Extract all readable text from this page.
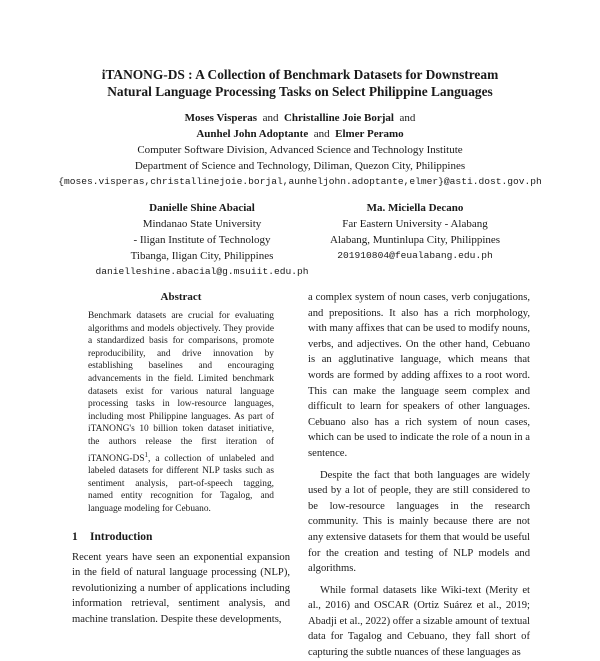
iTANONG-DS : A Collection of Benchmark Datasets for Downstream
Natural Language Processing Tasks on Select Philippine Languages
Moses Visperas and Christalline Joie Borjal and
Aunhel John Adoptante and Elmer Peramo
Computer Software Division, Advanced Science and Technology Institute
Department of Science and Technology, Diliman, Quezon City, Philippines
{moses.visperas,christallinejoie.borjal,aunheljohn.adoptante,elmer}@asti.dost.gov.ph
Danielle Shine Abacial
Mindanao State University
- Iligan Institute of Technology
Tibanga, Iligan City, Philippines
danielleshine.abacial@g.msuiit.edu.ph
Ma. Miciella Decano
Far Eastern University - Alabang
Alabang, Muntinlupa City, Philippines
201910804@feualabang.edu.ph
Abstract

Benchmark datasets are crucial for evaluating algorithms and models objectively. They provide a standardized basis for comparisons, promote reproducibility, and drive innovation by establishing baselines and encouraging advancements in the field. Limited benchmark datasets exist for various natural language processing tasks in low-resource languages, including most Philippine languages. As part of iTANONG's 10 billion token dataset initiative, the authors release the first iteration of iTANONG-$DS^1$, a collection of unlabeled and labeled datasets for different NLP tasks such as sentiment analysis, part-of-speech tagging, named entity recognition for Tagalog, and language modeling for Cebuano.

1 Introduction

Recent years have seen an exponential expansion in the field of natural language processing (NLP), revolutionizing a number of applications including information retrieval, sentiment analysis, and machine translation. Despite these developments,

a complex system of noun cases, verb conjugations, and prepositions. It also has a rich morphology, with many affixes that can be used to modify nouns, verbs, and adjectives. On the other hand, Cebuano is an agglutinative language, which means that words are formed by adding affixes to a root word. This can make the language seem complex and difficult to learn for speakers of other languages. Cebuano also has a rich system of noun cases, which can be used to indicate the role of a noun in a sentence.

Despite the fact that both languages are widely used by a lot of people, they are still considered to be low-resource languages in the research community. This is mainly because there are not any extensive datasets for them that would be useful for the creation and testing of NLP models and algorithms.

While formal datasets like Wiki-text (Merity et al., 2016) and OSCAR (Ortiz Suárez et al., 2019; Abadji et al., 2022) offer a sizable amount of textual data for Tagalog and Cebuano, they fall short of capturing the subtle nuances of these languages as
